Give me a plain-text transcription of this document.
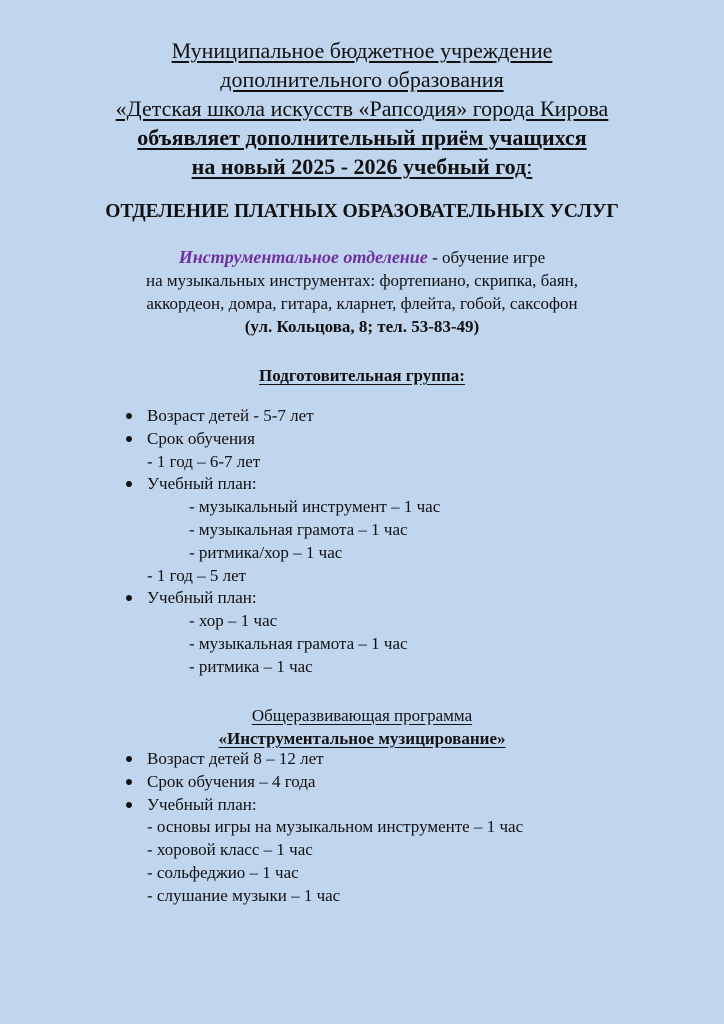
Муниципальное бюджетное учреждение
дополнительного образования
«Детская школа искусств «Рапсодия» города Кирова
объявляет дополнительный приём учащихся
на новый 2025 - 2026 учебный год:
ОТДЕЛЕНИЕ ПЛАТНЫХ ОБРАЗОВАТЕЛЬНЫХ УСЛУГ
Инструментальное отделение - обучение игре
на музыкальных инструментах: фортепиано, скрипка, баян,
аккордеон, домра, гитара, кларнет, флейта, гобой, саксофон
(ул. Кольцова, 8; тел. 53-83-49)
Подготовительная группа:
Возраст детей - 5-7 лет
Срок обучения
- 1 год – 6-7 лет
Учебный план:
- музыкальный инструмент – 1 час
- музыкальная грамота – 1 час
- ритмика/хор – 1 час
- 1 год – 5 лет
Учебный план:
- хор – 1 час
- музыкальная грамота – 1 час
- ритмика – 1 час
Общеразвивающая программа
«Инструментальное музицирование»
Возраст детей 8 – 12 лет
Срок обучения – 4 года
Учебный план:
- основы игры на музыкальном инструменте – 1 час
- хоровой класс – 1 час
- сольфеджио – 1 час
- слушание музыки – 1 час
